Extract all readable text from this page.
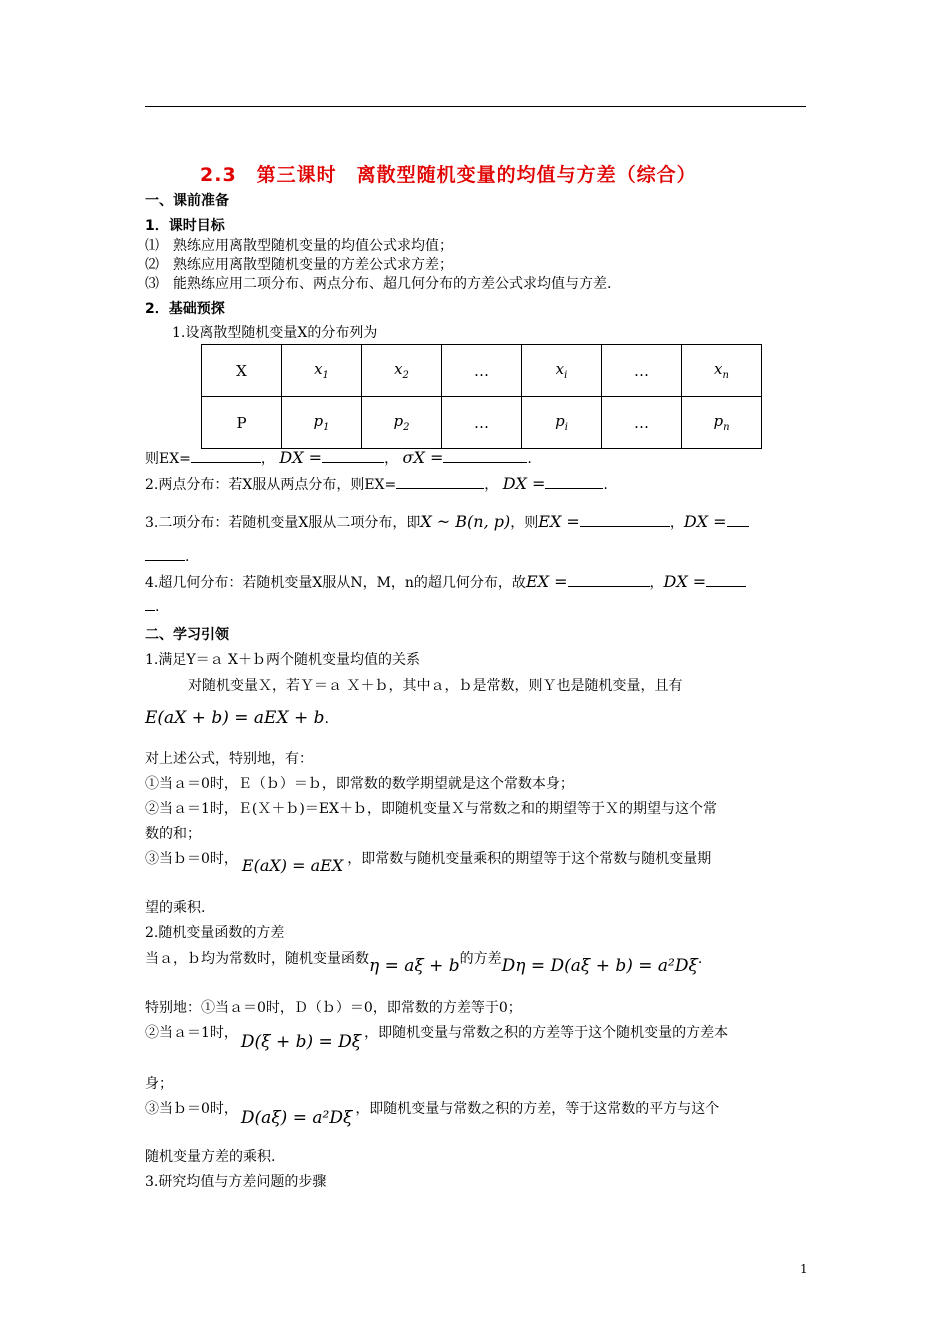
2.3　第三课时　离散型随机变量的均值与方差（综合）
一、课前准备
1．课时目标
⑴　熟练应用离散型随机变量的均值公式求均值；
⑵　熟练应用离散型随机变量的方差公式求方差；
⑶　能熟练应用二项分布、两点分布、超几何分布的方差公式求均值与方差.
2．基础预探
1.设离散型随机变量X的分布列为
X	$x_1$	$x_2$	…	$x_i$	…	$x_n$
P	$p_1$	$p_2$	…	$p_i$	…	$p_n$
则EX=	， DX =	， σX =	.
2.两点分布：若X服从两点分布，则EX=	， DX =	.
3.二项分布：若随机变量X服从二项分布，即X ~ B(n, p)，则EX =	，DX =
.
4.超几何分布：若随机变量X服从N，M，n的超几何分布，故EX =	，DX =
.
二、学习引领
1.满足Y＝ａ X＋ｂ两个随机变量均值的关系
对随机变量Ｘ，若Ｙ＝ａ Ｘ＋ｂ，其中ａ，ｂ是常数，则Ｙ也是随机变量，且有
E(aX + b) = aEX + b.
对上述公式，特别地，有：
①当ａ＝0时，Ｅ（ｂ）＝ｂ，即常数的数学期望就是这个常数本身；
②当ａ＝1时，Ｅ(Ｘ＋ｂ)＝EX＋ｂ，即随机变量Ｘ与常数之和的期望等于Ｘ的期望与这个常
数的和；
③当ｂ＝0时， E(aX) = aEX ，即常数与随机变量乘积的期望等于这个常数与随机变量期
望的乘积.
2.随机变量函数的方差
当ａ，ｂ均为常数时，随机变量函数η = aξ + b的方差Dη = D(aξ + b) = a²Dξ.
特别地：①当ａ＝0时，Ｄ（ｂ）＝0，即常数的方差等于0；
②当ａ＝1时， D(ξ + b) = Dξ ，即随机变量与常数之积的方差等于这个随机变量的方差本
身；
③当ｂ＝0时， D(aξ) = a²Dξ ，即随机变量与常数之积的方差，等于这常数的平方与这个
随机变量方差的乘积.
3.研究均值与方差问题的步骤
1
